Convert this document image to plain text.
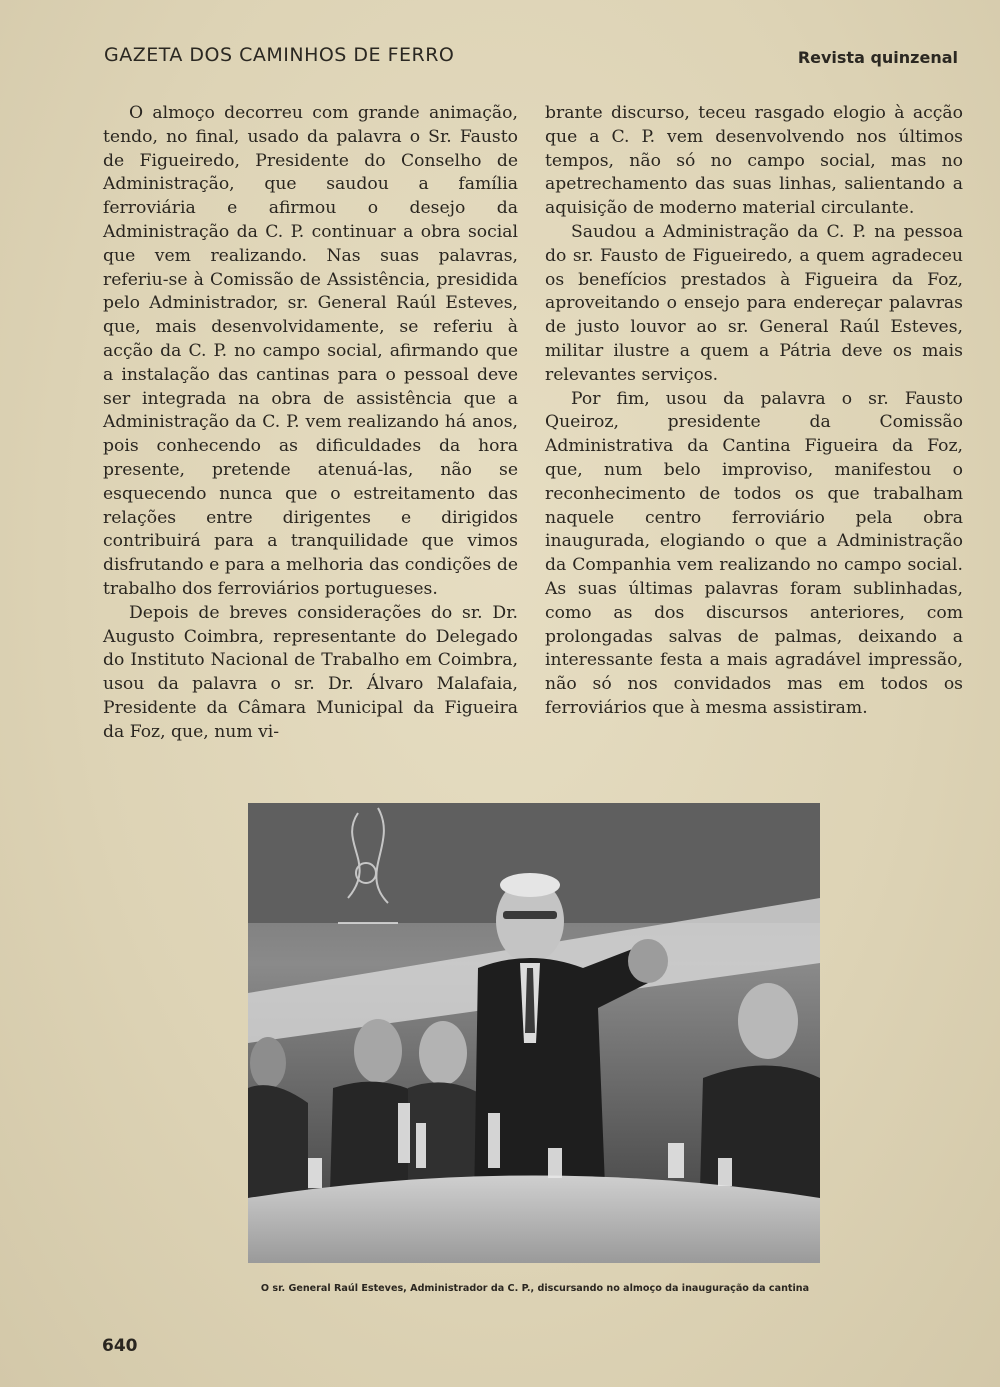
GAZETA DOS CAMINHOS DE FERRO	Revista quinzenal

O almoço decorreu com grande animação, tendo, no final, usado da palavra o Sr. Fausto de Figueiredo, Presidente do Conselho de Administração, que saudou a família ferroviária e afirmou o desejo da Administração da C. P. continuar a obra social que vem realizando. Nas suas palavras, referiu-se à Comissão de Assistência, presidida pelo Administrador, sr. General Raúl Esteves, que, mais desenvolvidamente, se referiu à acção da C. P. no campo social, afirmando que a instalação das cantinas para o pessoal deve ser integrada na obra de assistência que a Administração da C. P. vem realizando há anos, pois conhecendo as dificuldades da hora presente, pretende atenuá-las, não se esquecendo nunca que o estreitamento das relações entre dirigentes e dirigidos contribuirá para a tranquilidade que vimos disfrutando e para a melhoria das condições de trabalho dos ferroviários portugueses.

Depois de breves considerações do sr. Dr. Augusto Coimbra, representante do Delegado do Instituto Nacional de Trabalho em Coimbra, usou da palavra o sr. Dr. Álvaro Malafaia, Presidente da Câmara Municipal da Figueira da Foz, que, num vi-

brante discurso, teceu rasgado elogio à acção que a C. P. vem desenvolvendo nos últimos tempos, não só no campo social, mas no apetrechamento das suas linhas, salientando a aquisição de moderno material circulante.

Saudou a Administração da C. P. na pessoa do sr. Fausto de Figueiredo, a quem agradeceu os benefícios prestados à Figueira da Foz, aproveitando o ensejo para endereçar palavras de justo louvor ao sr. General Raúl Esteves, militar ilustre a quem a Pátria deve os mais relevantes serviços.

Por fim, usou da palavra o sr. Fausto Queiroz, presidente da Comissão Administrativa da Cantina Figueira da Foz, que, num belo improviso, manifestou o reconhecimento de todos os que trabalham naquele centro ferroviário pela obra inaugurada, elogiando o que a Administração da Companhia vem realizando no campo social. As suas últimas palavras foram sublinhadas, como as dos discursos anteriores, com prolongadas salvas de palmas, deixando a interessante festa a mais agradável impressão, não só nos convidados mas em todos os ferroviários que à mesma assistiram.

O sr. General Raúl Esteves, Administrador da C. P., discursando no almoço da inauguração da cantina
640
